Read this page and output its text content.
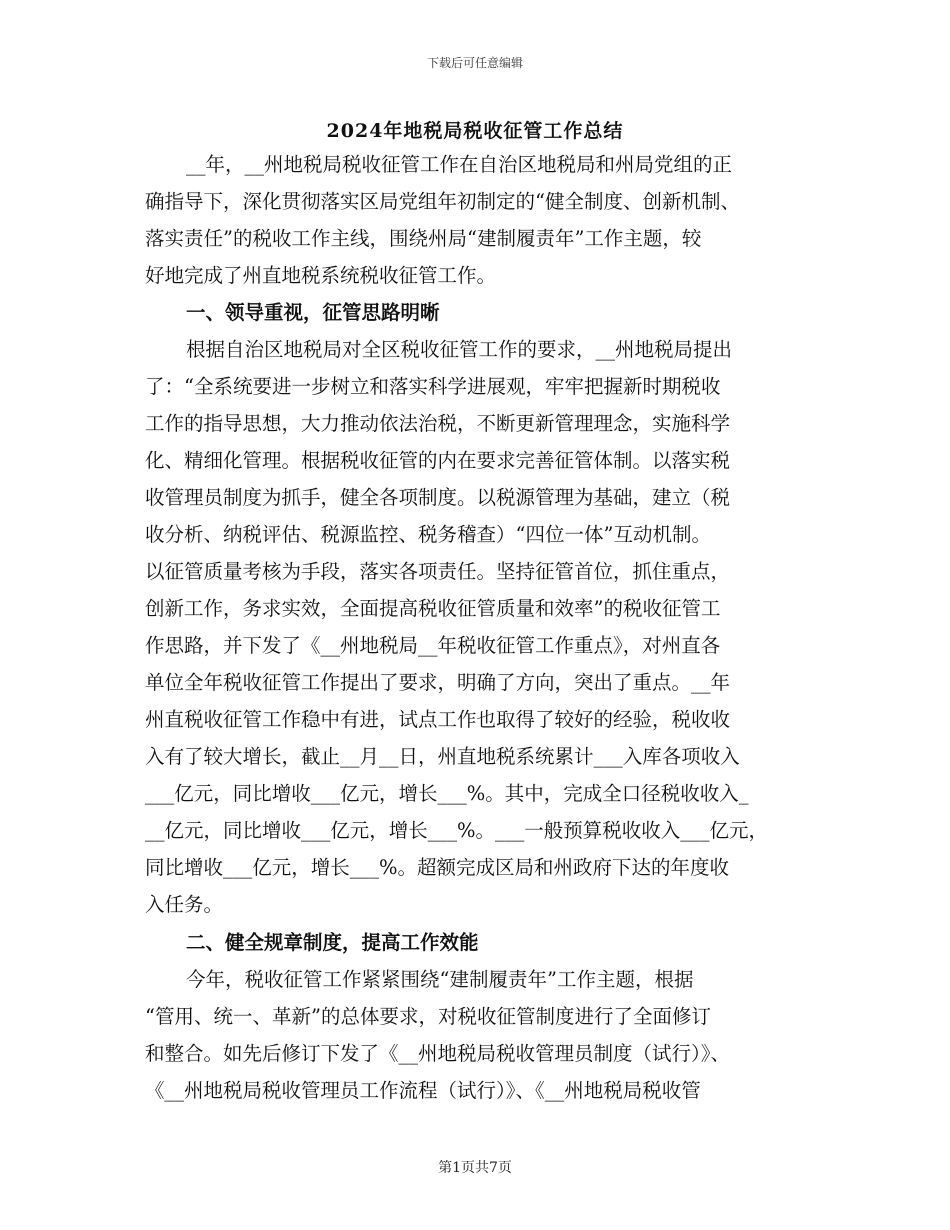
下载后可任意编辑
2024年地税局税收征管工作总结
__年，__州地税局税收征管工作在自治区地税局和州局党组的正
确指导下，深化贯彻落实区局党组年初制定的“健全制度、创新机制、
落实责任”的税收工作主线，围绕州局“建制履责年”工作主题，较
好地完成了州直地税系统税收征管工作。
一、领导重视，征管思路明晰
根据自治区地税局对全区税收征管工作的要求，__州地税局提出
了：“全系统要进一步树立和落实科学进展观，牢牢把握新时期税收
工作的指导思想，大力推动依法治税，不断更新管理理念，实施科学
化、精细化管理。根据税收征管的内在要求完善征管体制。以落实税
收管理员制度为抓手，健全各项制度。以税源管理为基础，建立（税
收分析、纳税评估、税源监控、税务稽查）“四位一体”互动机制。
以征管质量考核为手段，落实各项责任。坚持征管首位，抓住重点，
创新工作，务求实效，全面提高税收征管质量和效率”的税收征管工
作思路，并下发了《__州地税局__年税收征管工作重点》，对州直各
单位全年税收征管工作提出了要求，明确了方向，突出了重点。__年
州直税收征管工作稳中有进，试点工作也取得了较好的经验，税收收
入有了较大增长，截止__月__日，州直地税系统累计___入库各项收入
___亿元，同比增收___亿元，增长___%。其中，完成全口径税收收入_
__亿元，同比增收___亿元，增长___%。___一般预算税收收入___亿元，
同比增收___亿元，增长___%。超额完成区局和州政府下达的年度收
入任务。
二、健全规章制度，提高工作效能
今年，税收征管工作紧紧围绕“建制履责年”工作主题，根据
“管用、统一、革新”的总体要求，对税收征管制度进行了全面修订
和整合。如先后修订下发了《__州地税局税收管理员制度（试行）》、
《__州地税局税收管理员工作流程（试行）》、《__州地税局税收管
第1页共7页
